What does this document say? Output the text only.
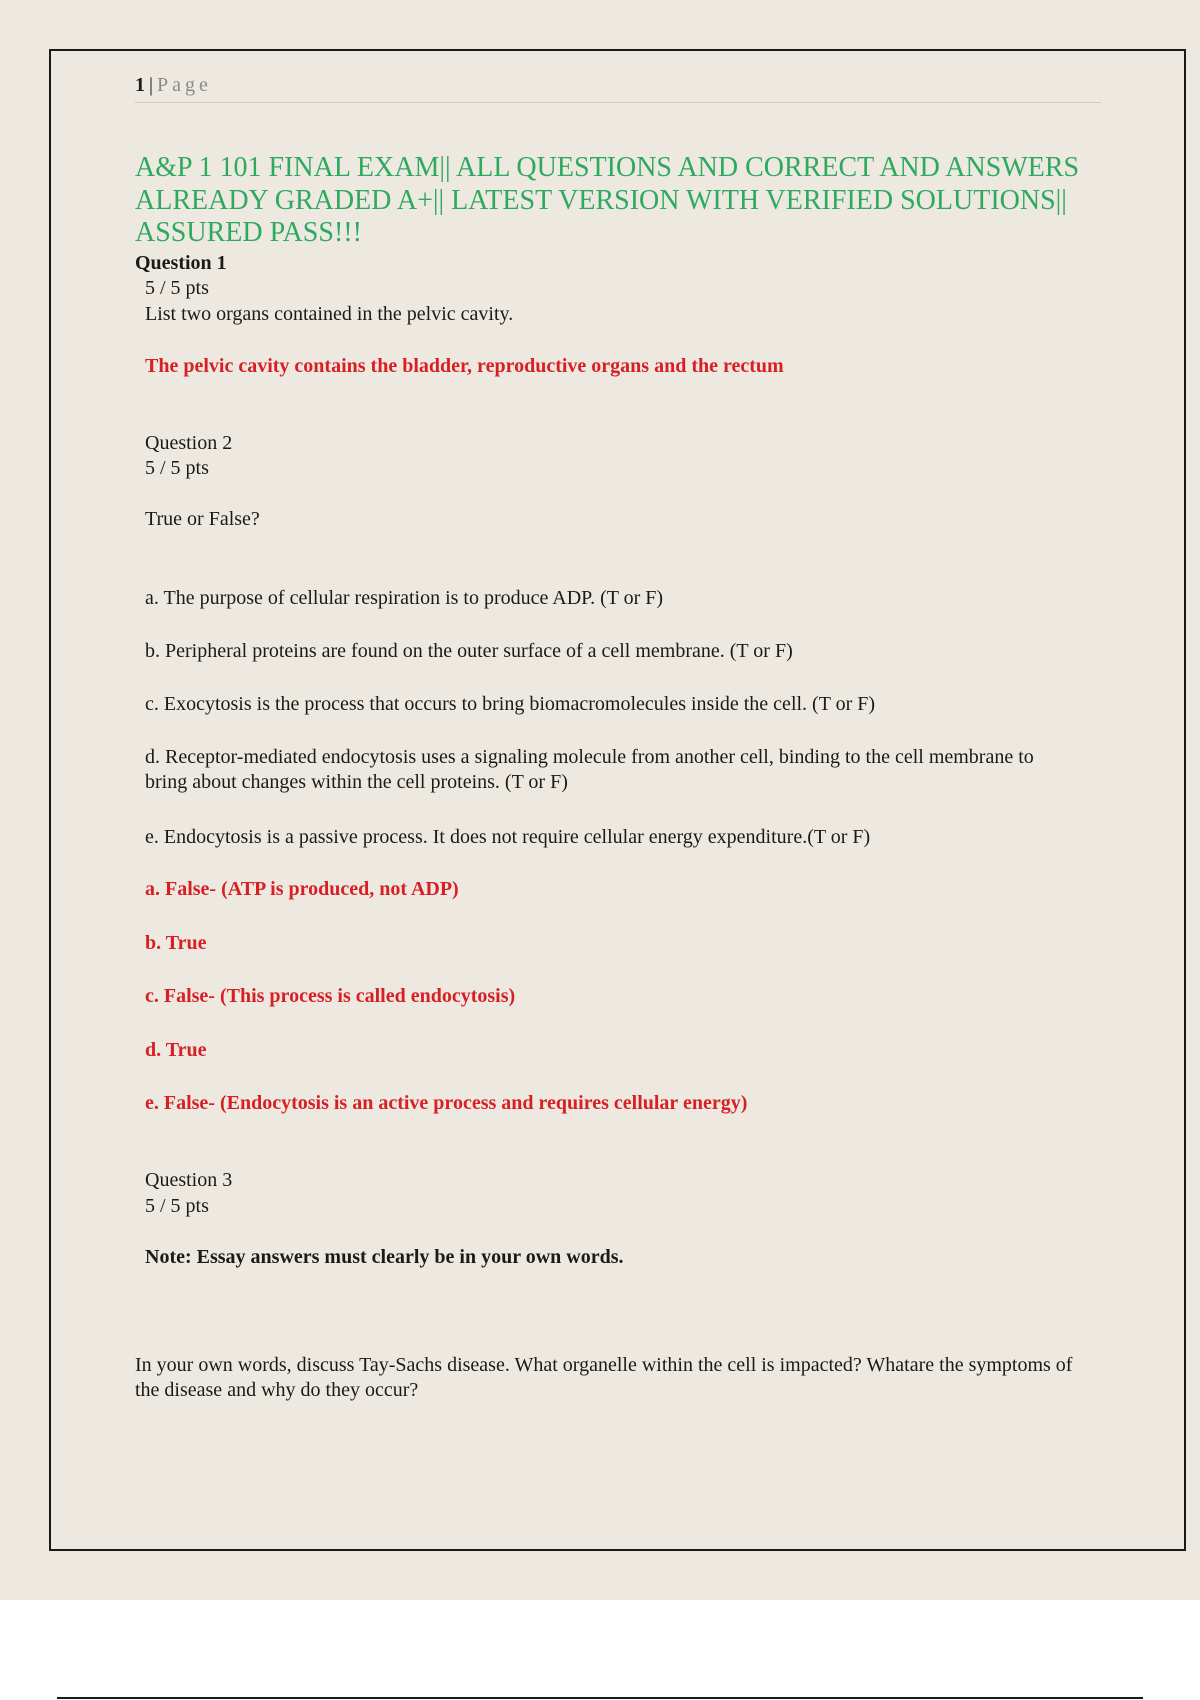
1 | Page
A&P 1 101 FINAL EXAM|| ALL QUESTIONS AND CORRECT AND ANSWERS ALREADY GRADED A+|| LATEST VERSION WITH VERIFIED SOLUTIONS|| ASSURED PASS!!!
Question 1
5 / 5 pts
List two organs contained in the pelvic cavity.
The pelvic cavity contains the bladder, reproductive organs and the rectum
Question 2
5 / 5 pts
True or False?
a. The purpose of cellular respiration is to produce ADP. (T or F)
b. Peripheral proteins are found on the outer surface of a cell membrane. (T or F)
c. Exocytosis is the process that occurs to bring biomacromolecules inside the cell. (T or F)
d. Receptor-mediated endocytosis uses a signaling molecule from another cell, binding to the cell membrane to bring about changes within the cell proteins. (T or F)
e. Endocytosis is a passive process. It does not require cellular energy expenditure.(T or F)
a. False- (ATP is produced, not ADP)
b. True
c. False- (This process is called endocytosis)
d. True
e. False- (Endocytosis is an active process and requires cellular energy)
Question 3
5 / 5 pts
Note: Essay answers must clearly be in your own words.
In your own words, discuss Tay-Sachs disease. What organelle within the cell is impacted? Whatare the symptoms of the disease and why do they occur?
